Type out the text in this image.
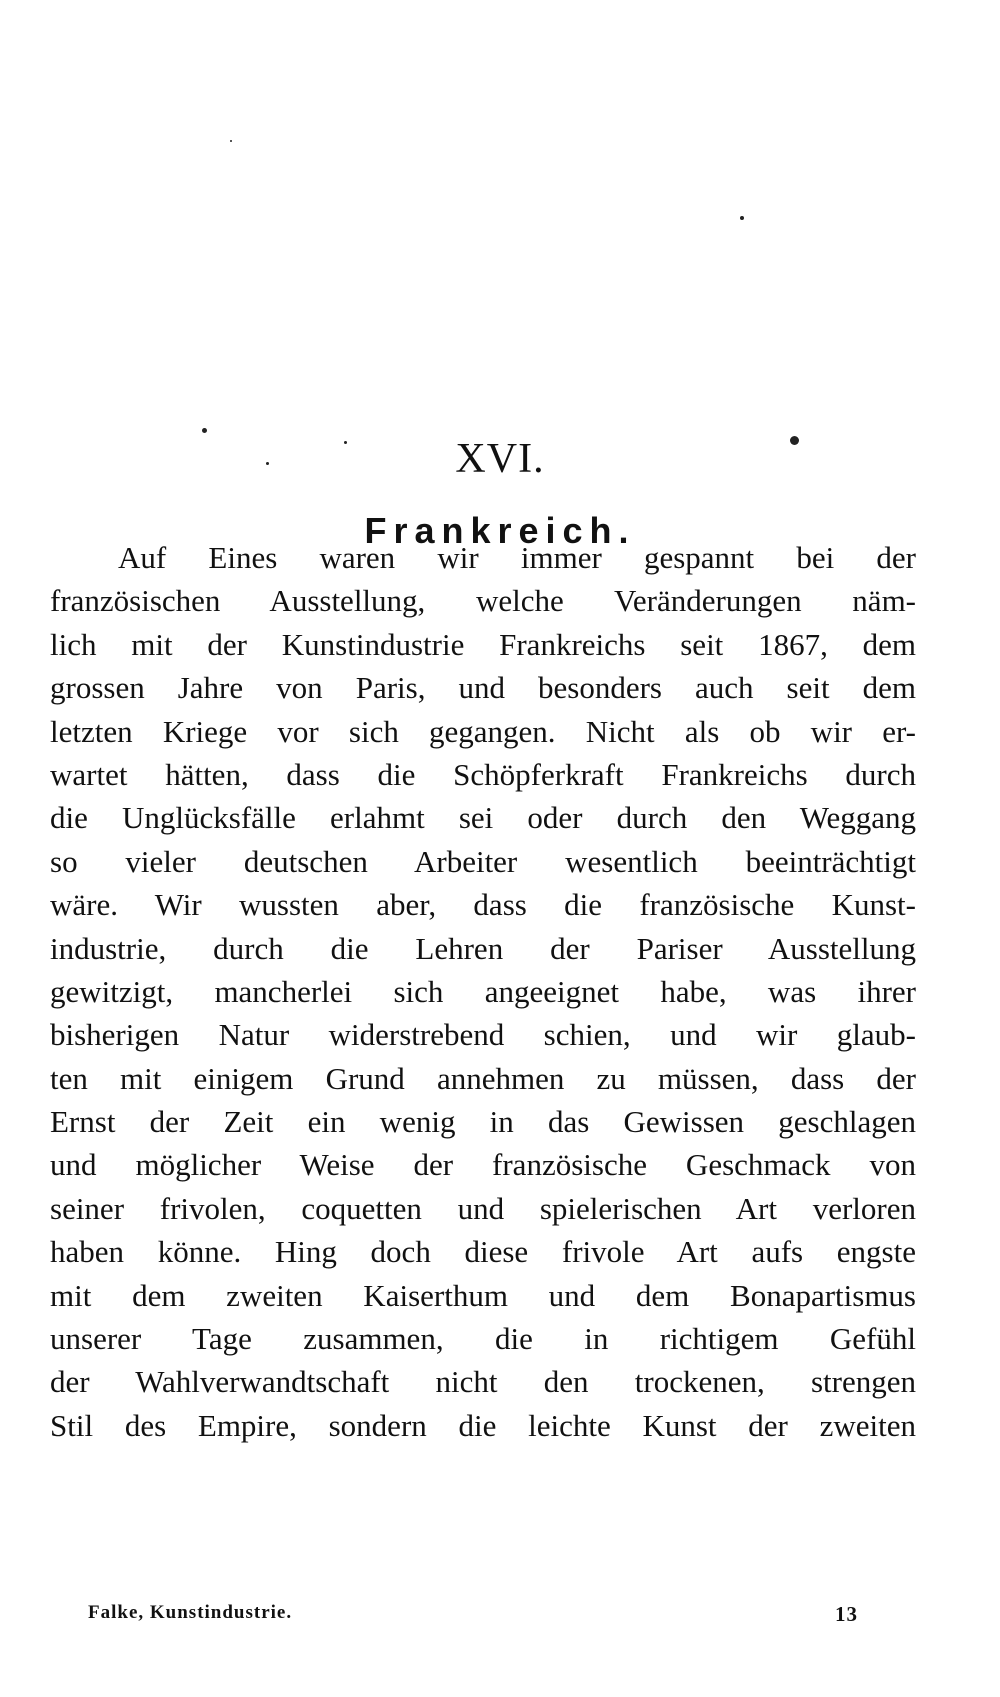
XVI.
Frankreich.
Auf Eines waren wir immer gespannt bei der
französischen Ausstellung, welche Veränderungen näm-
lich mit der Kunstindustrie Frankreichs seit 1867, dem
grossen Jahre von Paris, und besonders auch seit dem
letzten Kriege vor sich gegangen. Nicht als ob wir er-
wartet hätten, dass die Schöpferkraft Frankreichs durch
die Unglücksfälle erlahmt sei oder durch den Weggang
so vieler deutschen Arbeiter wesentlich beeinträchtigt
wäre. Wir wussten aber, dass die französische Kunst-
industrie, durch die Lehren der Pariser Ausstellung
gewitzigt, mancherlei sich angeeignet habe, was ihrer
bisherigen Natur widerstrebend schien, und wir glaub-
ten mit einigem Grund annehmen zu müssen, dass der
Ernst der Zeit ein wenig in das Gewissen geschlagen
und möglicher Weise der französische Geschmack von
seiner frivolen, coquetten und spielerischen Art verloren
haben könne. Hing doch diese frivole Art aufs engste
mit dem zweiten Kaiserthum und dem Bonapartismus
unserer Tage zusammen, die in richtigem Gefühl
der Wahlverwandtschaft nicht den trockenen, strengen
Stil des Empire, sondern die leichte Kunst der zweiten
Falke, Kunstindustrie.	13
